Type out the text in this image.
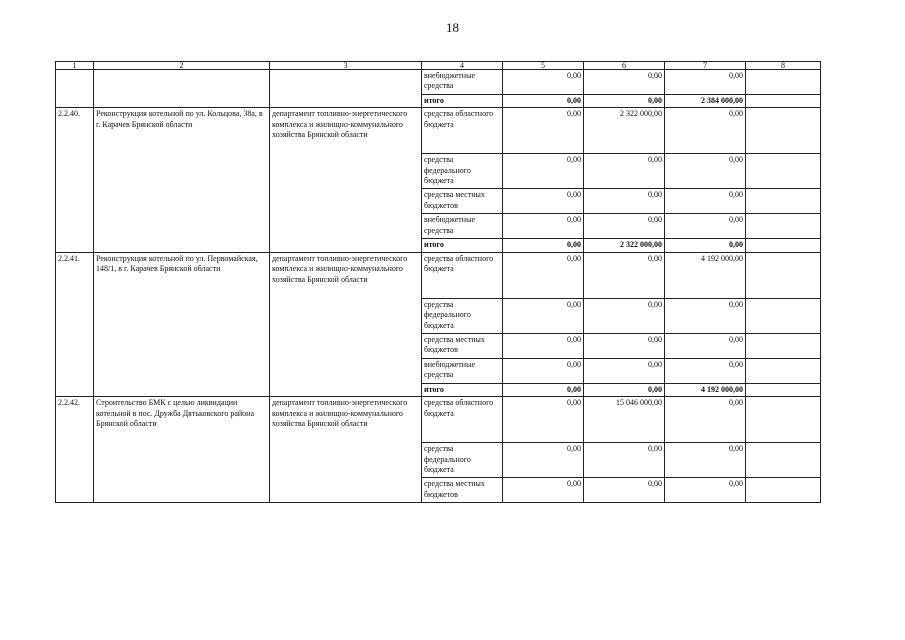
18
1	2	3	4	5	6	7	8
			внебюджетные средства	0,00	0,00	0,00	
			итого	0,00	0,00	2 384 000,00	
2.2.40.	Реконструкция котельной по ул. Кольцова, 38а, в г. Карачев Брянской области	департамент топливно-энергетического комплекса и жилищно-коммунального хозяйства Брянской области	средства областного бюджета	0,00	2 322 000,00	0,00	
			средства федерального бюджета	0,00	0,00	0,00	
			средства местных бюджетов	0,00	0,00	0,00	
			внебюджетные средства	0,00	0,00	0,00	
			итого	0,00	2 322 000,00	0,00	
2.2.41.	Реконструкция котельной по ул. Первомайская, 148/1, в г. Карачев Брянской области	департамент топливно-энергетического комплекса и жилищно-коммунального хозяйства Брянской области	средства областного бюджета	0,00	0,00	4 192 000,00	
			средства федерального бюджета	0,00	0,00	0,00	
			средства местных бюджетов	0,00	0,00	0,00	
			внебюджетные средства	0,00	0,00	0,00	
			итого	0,00	0,00	4 192 000,00	
2.2.42.	Строительство БМК с целью ликвидации котельной в пос. Дружба Дятьковского района Брянской области	департамент топливно-энергетического комплекса и жилищно-коммунального хозяйства Брянской области	средства областного бюджета	0,00	15 046 000,00	0,00	
			средства федерального бюджета	0,00	0,00	0,00	
			средства местных бюджетов	0,00	0,00	0,00	
